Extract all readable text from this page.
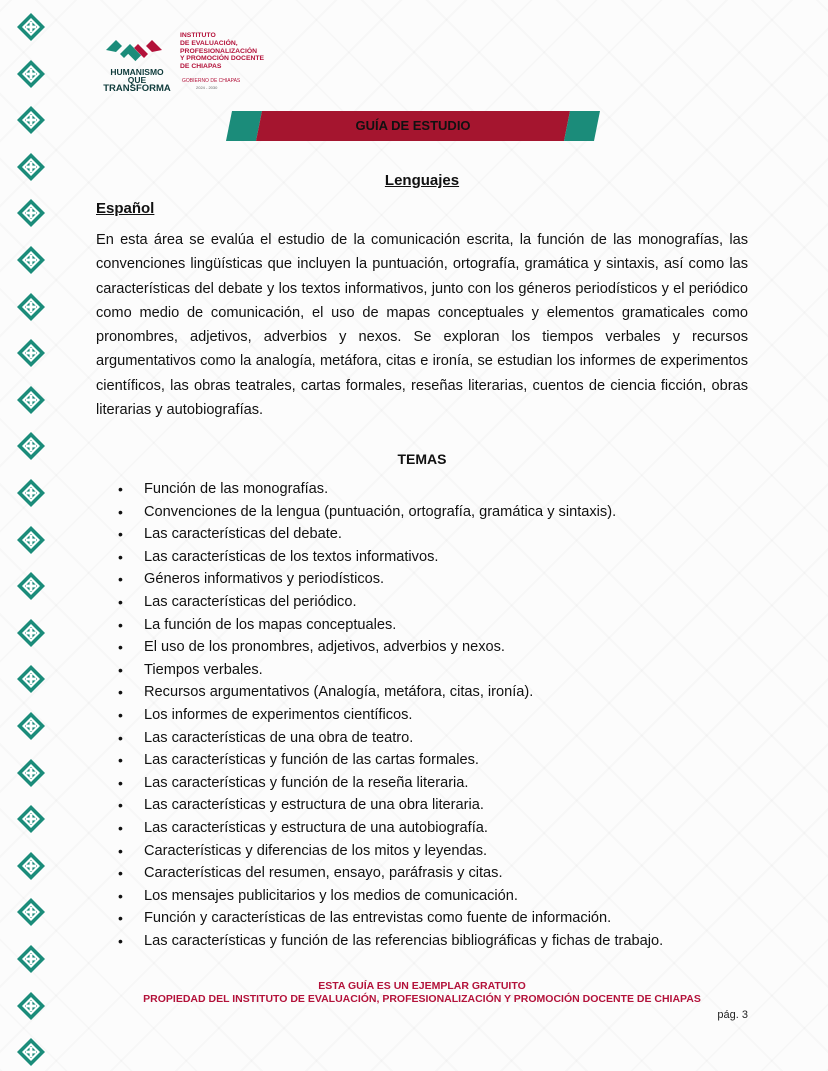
HUMANISMO QUE
TRANSFORMA
INSTITUTO
DE EVALUACIÓN,
PROFESIONALIZACIÓN
Y PROMOCIÓN DOCENTE
DE CHIAPAS
GOBIERNO DE CHIAPAS
2024 - 2030
GUÍA DE ESTUDIO
Lenguajes
Español
En esta área se evalúa el estudio de la comunicación escrita, la función de las monografías, las convenciones lingüísticas que incluyen la puntuación, ortografía, gramática y sintaxis, así como las características del debate y los textos informativos, junto con los géneros periodísticos y el periódico como medio de comunicación, el uso de mapas conceptuales y elementos gramaticales como pronombres, adjetivos, adverbios y nexos. Se exploran los tiempos verbales y recursos argumentativos como la analogía, metáfora, citas e ironía, se estudian los informes de experimentos científicos, las obras teatrales, cartas formales, reseñas literarias, cuentos de ciencia ficción, obras literarias y autobiografías.
TEMAS
• Función de las monografías.
• Convenciones de la lengua (puntuación, ortografía, gramática y sintaxis).
• Las características del debate.
• Las características de los textos informativos.
• Géneros informativos y periodísticos.
• Las características del periódico.
• La función de los mapas conceptuales.
• El uso de los pronombres, adjetivos, adverbios y nexos.
• Tiempos verbales.
• Recursos argumentativos (Analogía, metáfora, citas, ironía).
• Los informes de experimentos científicos.
• Las características de una obra de teatro.
• Las características y función de las cartas formales.
• Las características y función de la reseña literaria.
• Las características y estructura de una obra literaria.
• Las características y estructura de una autobiografía.
• Características y diferencias de los mitos y leyendas.
• Características del resumen, ensayo, paráfrasis y citas.
• Los mensajes publicitarios y los medios de comunicación.
• Función y características de las entrevistas como fuente de información.
• Las características y función de las referencias bibliográficas y fichas de trabajo.
ESTA GUÍA ES UN EJEMPLAR GRATUITO
PROPIEDAD DEL INSTITUTO DE EVALUACIÓN, PROFESIONALIZACIÓN Y PROMOCIÓN DOCENTE DE CHIAPAS
pág. 3
